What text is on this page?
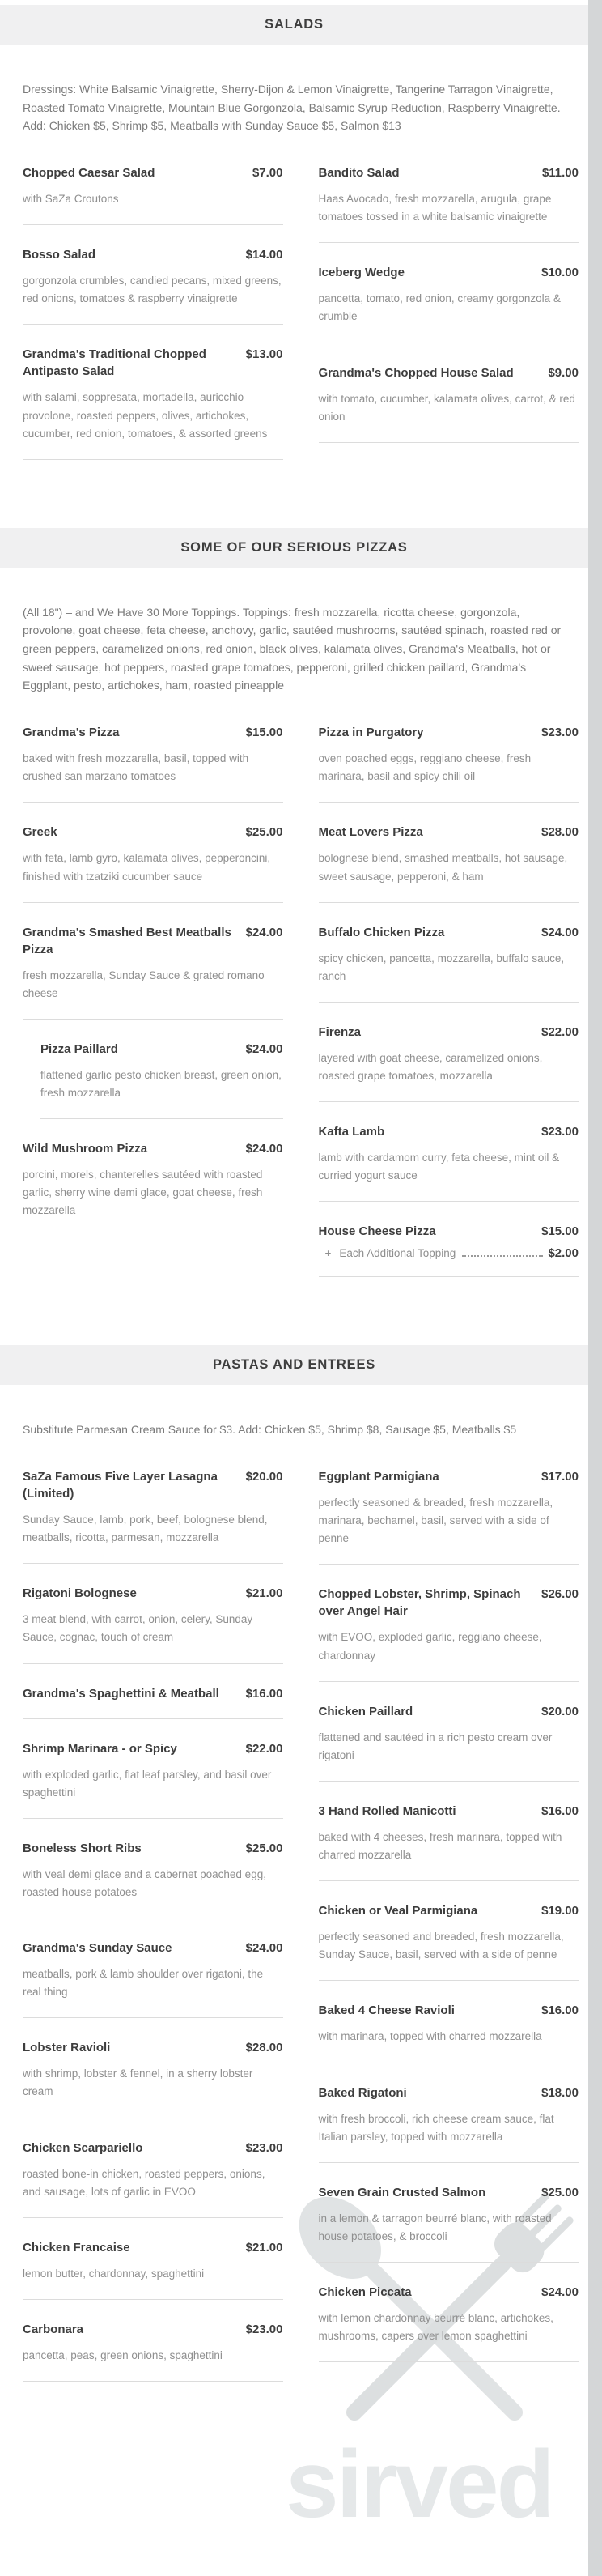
sirved
SALADS

Dressings: White Balsamic Vinaigrette, Sherry-Dijon & Lemon Vinaigrette, Tangerine Tarragon Vinaigrette, Roasted Tomato Vinaigrette, Mountain Blue Gorgonzola, Balsamic Syrup Reduction, Raspberry Vinaigrette. Add: Chicken $5, Shrimp $5, Meatballs with Sunday Sauce $5, Salmon $13

Chopped Caesar Salad	$7.00

with SaZa Croutons

Bosso Salad	$14.00

gorgonzola crumbles, candied pecans, mixed greens, red onions, tomatoes & raspberry vinaigrette

Grandma's Traditional Chopped Antipasto Salad
$13.00

with salami, soppresata, mortadella, auricchio provolone, roasted peppers, olives, artichokes, cucumber, red onion, tomatoes, & assorted greens

Bandito Salad	$11.00

Haas Avocado, fresh mozzarella, arugula, grape tomatoes tossed in a white balsamic vinaigrette

Iceberg Wedge	$10.00

pancetta, tomato, red onion, creamy gorgonzola & crumble

Grandma's Chopped House Salad	$9.00

with tomato, cucumber, kalamata olives, carrot, & red onion

SOME OF OUR SERIOUS PIZZAS

(All 18") – and We Have 30 More Toppings. Toppings: fresh mozzarella, ricotta cheese, gorgonzola, provolone, goat cheese, feta cheese, anchovy, garlic, sautéed mushrooms, sautéed spinach, roasted red or green peppers, caramelized onions, red onion, black olives, kalamata olives, Grandma's Meatballs, hot or sweet sausage, hot peppers, roasted grape tomatoes, pepperoni, grilled chicken paillard, Grandma's Eggplant, pesto, artichokes, ham, roasted pineapple

Grandma's Pizza	$15.00

baked with fresh mozzarella, basil, topped with crushed san marzano tomatoes

Greek	$25.00

with feta, lamb gyro, kalamata olives, pepperoncini, finished with tzatziki cucumber sauce

Grandma's Smashed Best Meatballs Pizza
$24.00

fresh mozzarella, Sunday Sauce & grated romano cheese

Pizza Paillard	$24.00

flattened garlic pesto chicken breast, green onion, fresh mozzarella

Wild Mushroom Pizza	$24.00

porcini, morels, chanterelles sautéed with roasted garlic, sherry wine demi glace, goat cheese, fresh mozzarella

Pizza in Purgatory	$23.00

oven poached eggs, reggiano cheese, fresh marinara, basil and spicy chili oil

Meat Lovers Pizza	$28.00

bolognese blend, smashed meatballs, hot sausage, sweet sausage, pepperoni, & ham

Buffalo Chicken Pizza	$24.00

spicy chicken, pancetta, mozzarella, buffalo sauce, ranch

Firenza	$22.00

layered with goat cheese, caramelized onions, roasted grape tomatoes, mozzarella

Kafta Lamb	$23.00

lamb with cardamom curry, feta cheese, mint oil & curried yogurt sauce

House Cheese Pizza	$15.00
+ Each Additional Topping	$2.00
PASTAS AND ENTREES

Substitute Parmesan Cream Sauce for $3. Add: Chicken $5, Shrimp $8, Sausage $5, Meatballs $5

SaZa Famous Five Layer Lasagna (Limited)
$20.00

Sunday Sauce, lamb, pork, beef, bolognese blend, meatballs, ricotta, parmesan, mozzarella

Rigatoni Bolognese	$21.00

3 meat blend, with carrot, onion, celery, Sunday Sauce, cognac, touch of cream

Grandma's Spaghettini & Meatball	$16.00
Shrimp Marinara - or Spicy	$22.00

with exploded garlic, flat leaf parsley, and basil over spaghettini

Boneless Short Ribs	$25.00

with veal demi glace and a cabernet poached egg, roasted house potatoes

Grandma's Sunday Sauce	$24.00

meatballs, pork & lamb shoulder over rigatoni, the real thing

Lobster Ravioli	$28.00

with shrimp, lobster & fennel, in a sherry lobster cream

Chicken Scarpariello	$23.00

roasted bone-in chicken, roasted peppers, onions, and sausage, lots of garlic in EVOO

Chicken Francaise	$21.00

lemon butter, chardonnay, spaghettini

Carbonara	$23.00

pancetta, peas, green onions, spaghettini

Eggplant Parmigiana	$17.00

perfectly seasoned & breaded, fresh mozzarella, marinara, bechamel, basil, served with a side of penne

Chopped Lobster, Shrimp, Spinach over Angel Hair
$26.00

with EVOO, exploded garlic, reggiano cheese, chardonnay

Chicken Paillard	$20.00

flattened and sautéed in a rich pesto cream over rigatoni

3 Hand Rolled Manicotti	$16.00

baked with 4 cheeses, fresh marinara, topped with charred mozzarella

Chicken or Veal Parmigiana	$19.00

perfectly seasoned and breaded, fresh mozzarella, Sunday Sauce, basil, served with a side of penne

Baked 4 Cheese Ravioli	$16.00

with marinara, topped with charred mozzarella

Baked Rigatoni	$18.00

with fresh broccoli, rich cheese cream sauce, flat Italian parsley, topped with mozzarella

Seven Grain Crusted Salmon	$25.00

in a lemon & tarragon beurré blanc, with roasted house potatoes, & broccoli

Chicken Piccata	$24.00

with lemon chardonnay beurré blanc, artichokes, mushrooms, capers over lemon spaghettini
